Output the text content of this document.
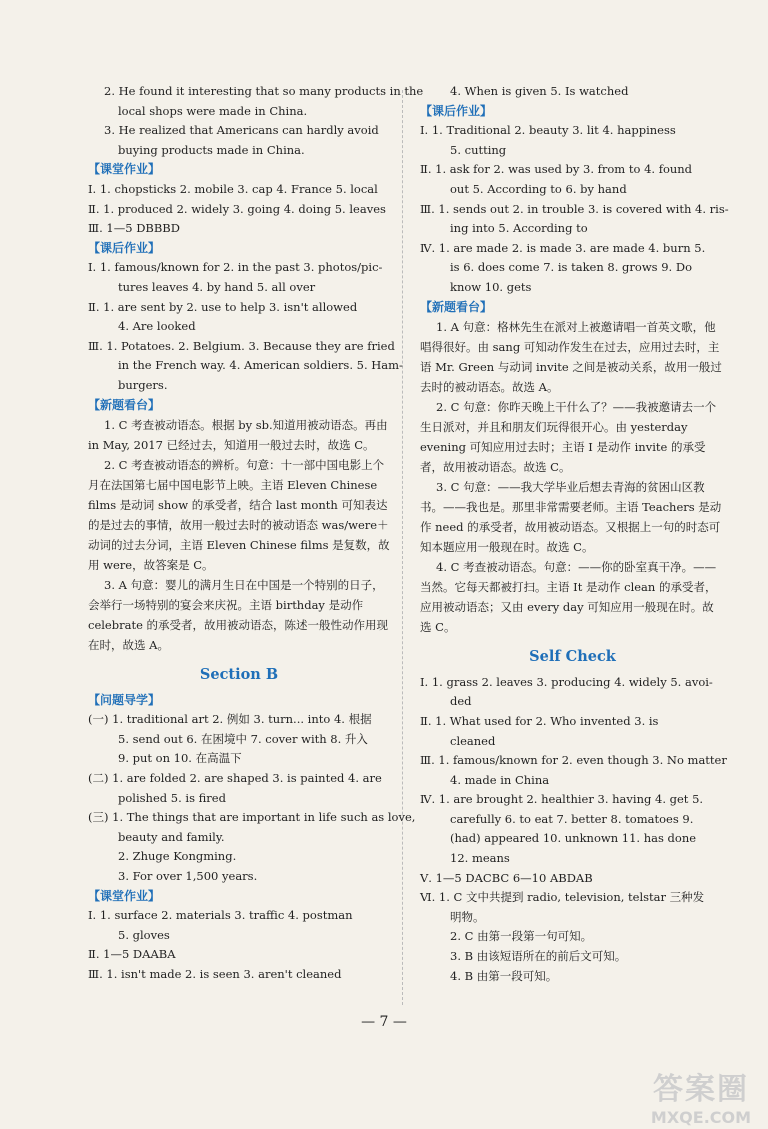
2. He found it interesting that so many products in the
local shops were made in China.
3. He realized that Americans can hardly avoid
buying products made in China.
【课堂作业】
Ⅰ. 1. chopsticks 2. mobile 3. cap 4. France 5. local
Ⅱ. 1. produced 2. widely 3. going 4. doing 5. leaves
Ⅲ. 1—5 DBBBD
【课后作业】
Ⅰ. 1. famous/known for 2. in the past 3. photos/pic-
tures leaves 4. by hand 5. all over
Ⅱ. 1. are sent by 2. use to help 3. isn't allowed
4. Are looked
Ⅲ. 1. Potatoes. 2. Belgium. 3. Because they are fried
in the French way. 4. American soldiers. 5. Ham-
burgers.
【新题看台】
1. C 考查被动语态。根据 by sb.知道用被动语态。再由 in May, 2017 已经过去，知道用一般过去时，故选 C。
2. C 考查被动语态的辨析。句意：十一部中国电影上个月在法国第七届中国电影节上映。主语 Eleven Chinese films 是动词 show 的承受者，结合 last month 可知表达的是过去的事情，故用一般过去时的被动语态 was/were＋动词的过去分词，主语 Eleven Chinese films 是复数，故用 were，故答案是 C。
3. A 句意：婴儿的满月生日在中国是一个特别的日子，会举行一场特别的宴会来庆祝。主语 birthday 是动作 celebrate 的承受者，故用被动语态，陈述一般性动作用现在时，故选 A。
Section B
【问题导学】
(一) 1. traditional art 2. 例如 3. turn... into 4. 根据
5. send out 6. 在困境中 7. cover with 8. 升入
9. put on 10. 在高温下
(二) 1. are folded 2. are shaped 3. is painted 4. are
polished 5. is fired
(三) 1. The things that are important in life such as love,
beauty and family.
2. Zhuge Kongming.
3. For over 1,500 years.
【课堂作业】
Ⅰ. 1. surface 2. materials 3. traffic 4. postman
5. gloves
Ⅱ. 1—5 DAABA
Ⅲ. 1. isn't made 2. is seen 3. aren't cleaned
4. When is given 5. Is watched
【课后作业】
Ⅰ. 1. Traditional 2. beauty 3. lit 4. happiness
5. cutting
Ⅱ. 1. ask for 2. was used by 3. from to 4. found
out 5. According to 6. by hand
Ⅲ. 1. sends out 2. in trouble 3. is covered with 4. ris-
ing into 5. According to
Ⅳ. 1. are made 2. is made 3. are made 4. burn 5.
is 6. does come 7. is taken 8. grows 9. Do
know 10. gets
【新题看台】
1. A 句意：格林先生在派对上被邀请唱一首英文歌，他唱得很好。由 sang 可知动作发生在过去，应用过去时，主语 Mr. Green 与动词 invite 之间是被动关系，故用一般过去时的被动语态。故选 A。
2. C 句意：你昨天晚上干什么了？——我被邀请去一个生日派对，并且和朋友们玩得很开心。由 yesterday evening 可知应用过去时；主语 I 是动作 invite 的承受者，故用被动语态。故选 C。
3. C 句意：——我大学毕业后想去青海的贫困山区教书。——我也是。那里非常需要老师。主语 Teachers 是动作 need 的承受者，故用被动语态。又根据上一句的时态可知本题应用一般现在时。故选 C。
4. C 考查被动语态。句意：——你的卧室真干净。——当然。它每天都被打扫。主语 It 是动作 clean 的承受者，应用被动语态；又由 every day 可知应用一般现在时。故选 C。
Self Check
Ⅰ. 1. grass 2. leaves 3. producing 4. widely 5. avoi-
ded
Ⅱ. 1. What used for 2. Who invented 3. is
cleaned
Ⅲ. 1. famous/known for 2. even though 3. No matter
4. made in China
Ⅳ. 1. are brought 2. healthier 3. having 4. get 5.
carefully 6. to eat 7. better 8. tomatoes 9.
(had) appeared 10. unknown 11. has done
12. means
Ⅴ. 1—5 DACBC 6—10 ABDAB
Ⅵ. 1. C 文中共提到 radio, television, telstar 三种发
明物。
2. C 由第一段第一句可知。
3. B 由该短语所在的前后文可知。
4. B 由第一段可知。
— 7 —
答案圈
MXQE.COM
